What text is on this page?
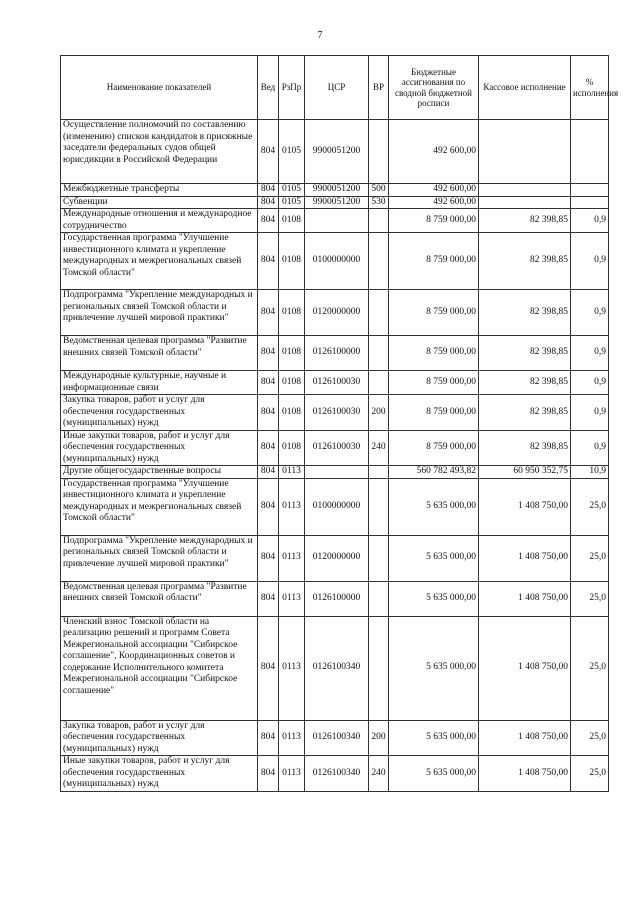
7
Наименование показателей	Вед	РзПр	ЦСР	ВР	Бюджетные ассигнования по сводной бюджетной росписи	Кассовое исполнение	% исполнения
Осуществление полномочий по составлению (изменению) списков кандидатов в присяжные заседатели федеральных судов общей юрисдикции в Российской Федерации	804	0105	9900051200		492 600,00		
Межбюджетные трансферты	804	0105	9900051200	500	492 600,00		
Субвенции	804	0105	9900051200	530	492 600,00		
Международные отношения и международное сотрудничество	804	0108			8 759 000,00	82 398,85	0,9
Государственная программа "Улучшение инвестиционного климата и укрепление международных и межрегиональных связей Томской области"	804	0108	0100000000		8 759 000,00	82 398,85	0,9
Подпрограмма "Укрепление международных и региональных связей Томской области и привлечение лучшей мировой практики"	804	0108	0120000000		8 759 000,00	82 398,85	0,9
Ведомственная целевая программа "Развитие внешних связей Томской области"	804	0108	0126100000		8 759 000,00	82 398,85	0,9
Международные культурные, научные и информационные связи	804	0108	0126100030		8 759 000,00	82 398,85	0,9
Закупка товаров, работ и услуг для обеспечения государственных (муниципальных) нужд	804	0108	0126100030	200	8 759 000,00	82 398,85	0,9
Иные закупки товаров, работ и услуг для обеспечения государственных (муниципальных) нужд	804	0108	0126100030	240	8 759 000,00	82 398,85	0,9
Другие общегосударственные вопросы	804	0113			560 782 493,82	60 950 352,75	10,9
Государственная программа "Улучшение инвестиционного климата и укрепление международных и межрегиональных связей Томской области"	804	0113	0100000000		5 635 000,00	1 408 750,00	25,0
Подпрограмма "Укрепление международных и региональных связей Томской области и привлечение лучшей мировой практики"	804	0113	0120000000		5 635 000,00	1 408 750,00	25,0
Ведомственная целевая программа "Развитие внешних связей Томской области"	804	0113	0126100000		5 635 000,00	1 408 750,00	25,0
Членский взнос Томской области на реализацию решений и программ Совета Межрегиональной ассоциации "Сибирское соглашение", Координационных советов и содержание Исполнительного комитета Межрегиональной ассоциации "Сибирское соглашение"	804	0113	0126100340		5 635 000,00	1 408 750,00	25,0
Закупка товаров, работ и услуг для обеспечения государственных (муниципальных) нужд	804	0113	0126100340	200	5 635 000,00	1 408 750,00	25,0
Иные закупки товаров, работ и услуг для обеспечения государственных (муниципальных) нужд	804	0113	0126100340	240	5 635 000,00	1 408 750,00	25,0
